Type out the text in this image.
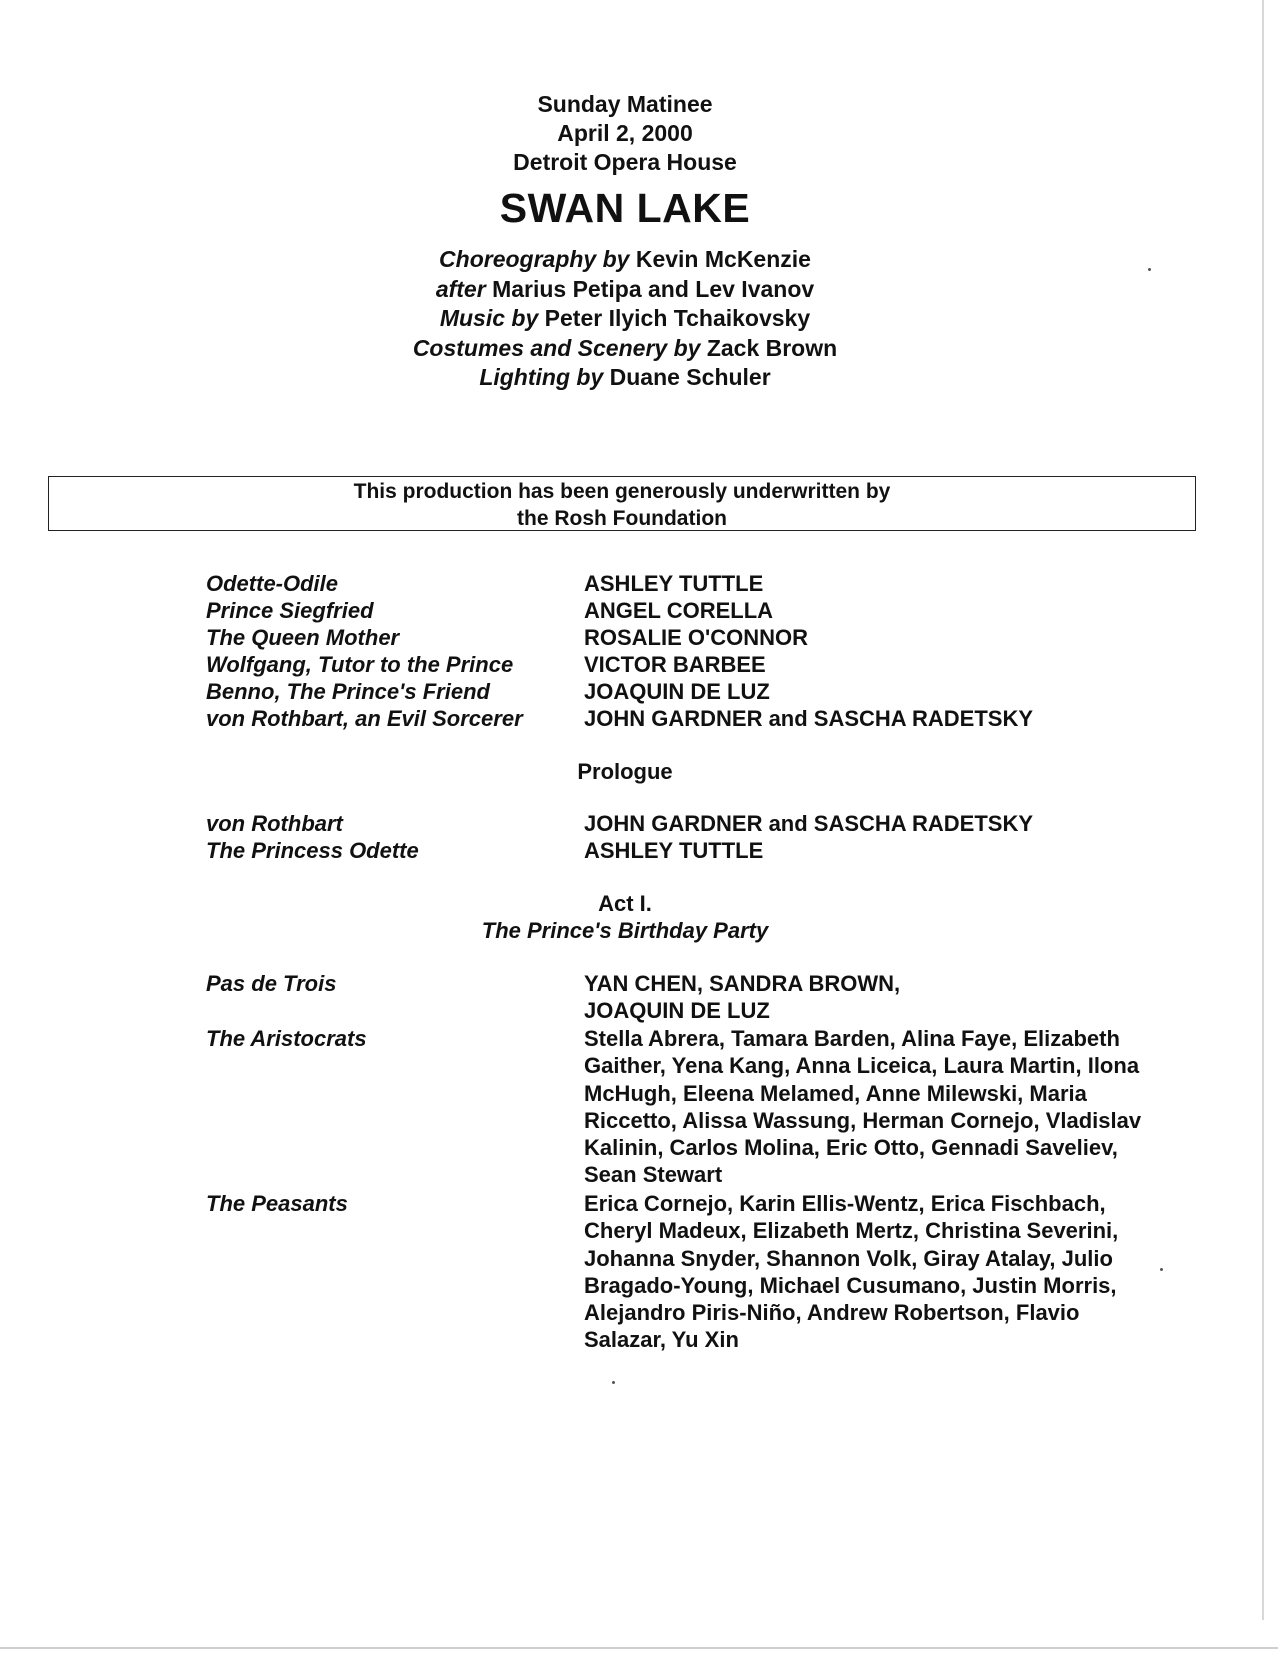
Sunday Matinee
April 2, 2000
Detroit Opera House
SWAN LAKE
Choreography by Kevin McKenzie
after Marius Petipa and Lev Ivanov
Music by Peter Ilyich Tchaikovsky
Costumes and Scenery by Zack Brown
Lighting by Duane Schuler
This production has been generously underwritten by
the Rosh Foundation
Odette-Odile	ASHLEY TUTTLE
Prince Siegfried	ANGEL CORELLA
The Queen Mother	ROSALIE O'CONNOR
Wolfgang, Tutor to the Prince	VICTOR BARBEE
Benno, The Prince's Friend	JOAQUIN DE LUZ
von Rothbart, an Evil Sorcerer	JOHN GARDNER and SASCHA RADETSKY
Prologue
von Rothbart	JOHN GARDNER and SASCHA RADETSKY
The Princess Odette	ASHLEY TUTTLE
Act I.
The Prince's Birthday Party
Pas de Trois	YAN CHEN, SANDRA BROWN,
JOAQUIN DE LUZ
The Aristocrats	Stella Abrera, Tamara Barden, Alina Faye, Elizabeth
Gaither, Yena Kang, Anna Liceica, Laura Martin, Ilona
McHugh, Eleena Melamed, Anne Milewski, Maria
Riccetto, Alissa Wassung, Herman Cornejo, Vladislav
Kalinin, Carlos Molina, Eric Otto, Gennadi Saveliev,
Sean Stewart
The Peasants	Erica Cornejo, Karin Ellis-Wentz, Erica Fischbach,
Cheryl Madeux, Elizabeth Mertz, Christina Severini,
Johanna Snyder, Shannon Volk, Giray Atalay, Julio
Bragado-Young, Michael Cusumano, Justin Morris,
Alejandro Piris-Niño, Andrew Robertson, Flavio
Salazar, Yu Xin
